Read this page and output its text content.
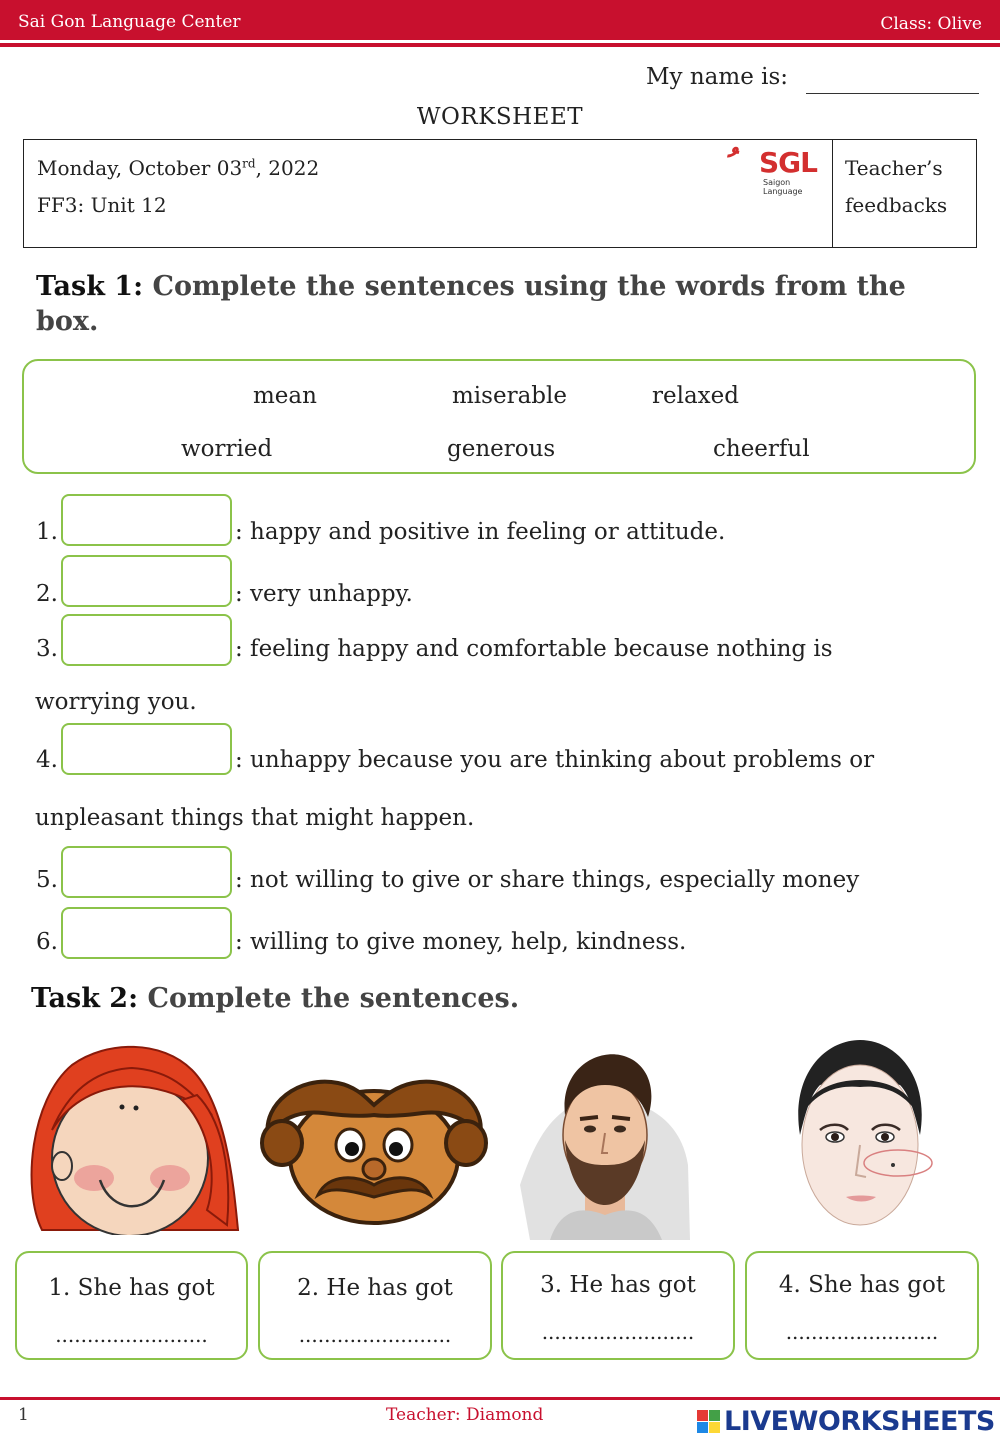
Sai Gon Language Center	Class: Olive
My name is:
WORKSHEET
Monday, October 03rd, 2022
FF3: Unit 12
SGL
Saigon Language
Teacher’s
feedbacks
Task 1: Complete the sentences using the words from the box.
mean	miserable	relaxed
worried	generous	cheerful
1.	: happy and positive in feeling or attitude.
2.	: very unhappy.
3.	: feeling happy and comfortable because nothing is
worrying you.
4.	: unhappy because you are thinking about problems or
unpleasant things that might happen.
5.	: not willing to give or share things, especially money
6.	: willing to give money, help, kindness.
Task 2: Complete the sentences.
1. She has got
........................
2. He has got
........................
3. He has got
........................
4. She has got
........................
1	Teacher: Diamond	LIVEWORKSHEETS
